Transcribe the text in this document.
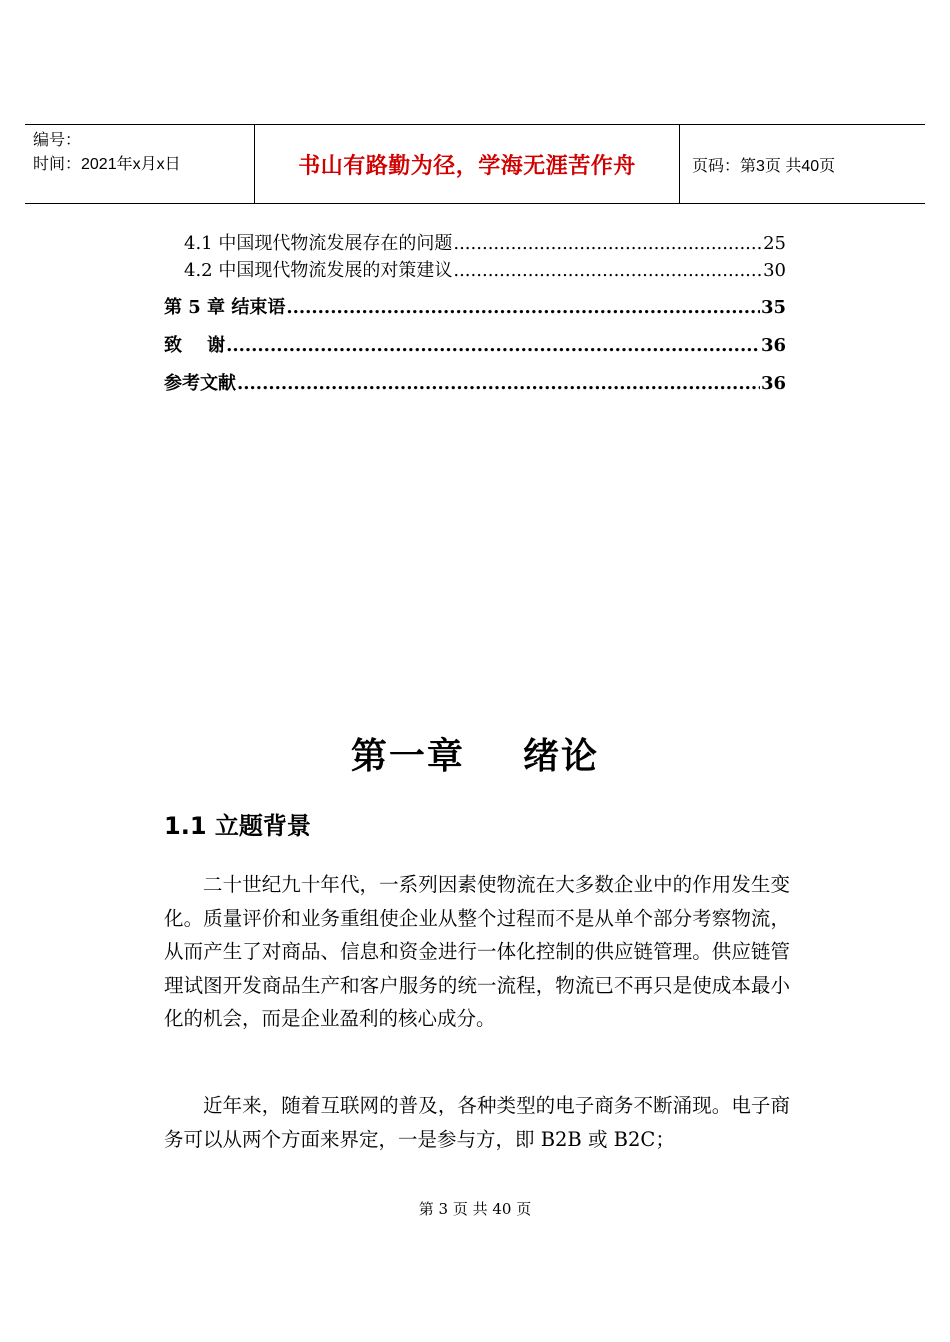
编号：
时间：2021年x月x日	书山有路勤为径，学海无涯苦作舟	页码：第3页 共40页
4.1 中国现代物流发展存在的问题 .....	25
4.2 中国现代物流发展的对策建议 .....	30
第 5 章 结束语 .....	35
致    谢 .....	36
参考文献 .....	36
第一章    绪论
1.1 立题背景
二十世纪九十年代，一系列因素使物流在大多数企业中的作用发生变化。质量评价和业务重组使企业从整个过程而不是从单个部分考察物流，从而产生了对商品、信息和资金进行一体化控制的供应链管理。供应链管理试图开发商品生产和客户服务的统一流程，物流已不再只是使成本最小化的机会，而是企业盈利的核心成分。
近年来，随着互联网的普及，各种类型的电子商务不断涌现。电子商务可以从两个方面来界定，一是参与方，即 B2B 或 B2C；
第 3 页 共 40 页
